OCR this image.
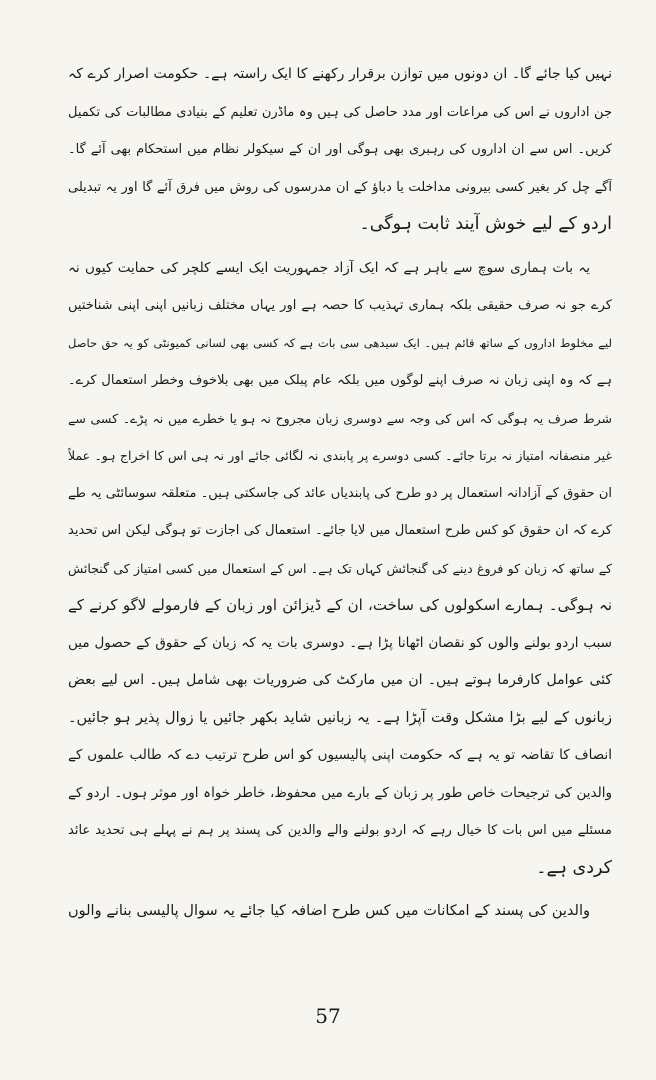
نہیں کیا جائے گا۔ ان دونوں میں توازن برقرار رکھنے کا ایک راستہ ہے۔ حکومت اصرار کرے کہ
جن اداروں نے اس کی مراعات اور مدد حاصل کی ہیں وہ ماڈرن تعلیم کے بنیادی مطالبات کی تکمیل
کریں۔ اس سے ان اداروں کی رہبری بھی ہوگی اور ان کے سیکولر نظام میں استحکام بھی آئے گا۔
آگے چل کر بغیر کسی بیرونی مداخلت یا دباؤ کے ان مدرسوں کی روش میں فرق آئے گا اور یہ تبدیلی
اردو کے لیے خوش آیند ثابت ہوگی۔
یہ بات ہماری سوچ سے باہر ہے کہ ایک آزاد جمہوریت ایک ایسے کلچر کی حمایت کیوں نہ
کرے جو نہ صرف حقیقی بلکہ ہماری تہذیب کا حصہ ہے اور یہاں مختلف زبانیں اپنی اپنی شناختیں
لیے مخلوط اداروں کے ساتھ قائم ہیں۔ ایک سیدھی سی بات ہے کہ کسی بھی لسانی کمیونٹی کو یہ حق حاصل
ہے کہ وہ اپنی زبان نہ صرف اپنے لوگوں میں بلکہ عام پبلک میں بھی بلاخوف وخطر استعمال کرے۔
شرط صرف یہ ہوگی کہ اس کی وجہ سے دوسری زبان مجروح نہ ہو یا خطرے میں نہ پڑے۔ کسی سے
غیر منصفانہ امتیاز نہ برتا جائے۔ کسی دوسرے پر پابندی نہ لگائی جائے اور نہ ہی اس کا اخراج ہو۔ عملاً
ان حقوق کے آزادانہ استعمال پر دو طرح کی پابندیاں عائد کی جاسکتی ہیں۔ متعلقہ سوسائٹی یہ طے
کرے کہ ان حقوق کو کس طرح استعمال میں لایا جائے۔ استعمال کی اجازت تو ہوگی لیکن اس تحدید
کے ساتھ کہ زبان کو فروغ دینے کی گنجائش کہاں تک ہے۔ اس کے استعمال میں کسی امتیاز کی گنجائش
نہ ہوگی۔ ہمارے اسکولوں کی ساخت، ان کے ڈیزائن اور زبان کے فارمولے لاگو کرنے کے
سبب اردو بولنے والوں کو نقصان اٹھانا پڑا ہے۔ دوسری بات یہ کہ زبان کے حقوق کے حصول میں
کئی عوامل کارفرما ہوتے ہیں۔ ان میں مارکٹ کی ضروریات بھی شامل ہیں۔ اس لیے بعض
زبانوں کے لیے بڑا مشکل وقت آپڑا ہے۔ یہ زبانیں شاید بکھر جائیں یا زوال پذیر ہو جائیں۔
انصاف کا تقاضہ تو یہ ہے کہ حکومت اپنی پالیسیوں کو اس طرح ترتیب دے کہ طالب علموں کے
والدین کی ترجیحات خاص طور پر زبان کے بارے میں محفوظ، خاطر خواہ اور موثر ہوں۔ اردو کے
مسئلے میں اس بات کا خیال رہے کہ اردو بولنے والے والدین کی پسند پر ہم نے پہلے ہی تحدید عائد
کردی ہے۔
والدین کی پسند کے امکانات میں کس طرح اضافہ کیا جائے یہ سوال پالیسی بنانے والوں
57
